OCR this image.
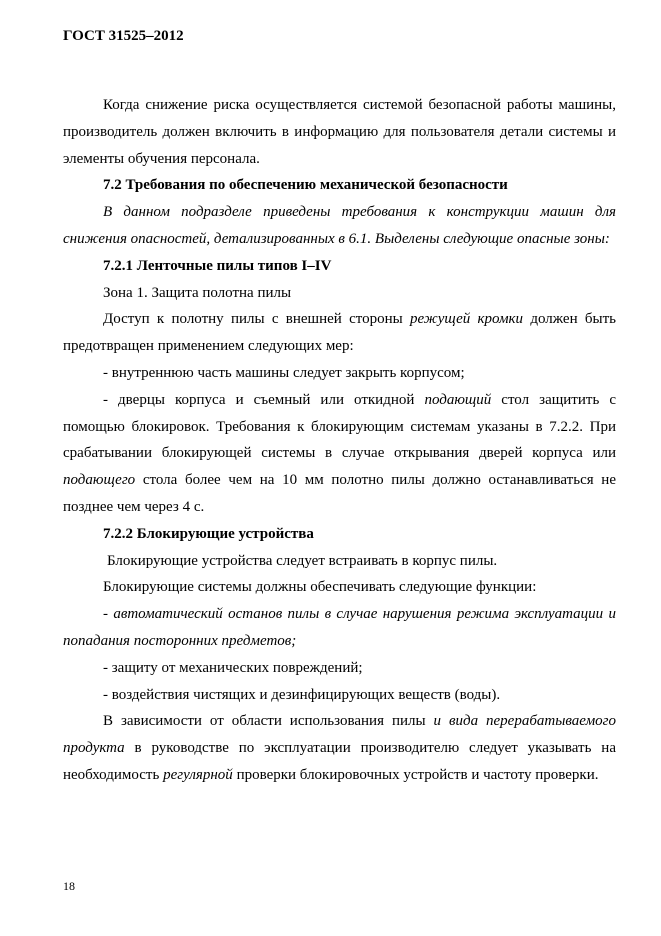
ГОСТ 31525–2012

Когда снижение риска осуществляется системой безопасной работы машины, производитель должен включить в информацию для пользователя детали системы и элементы обучения персонала.

7.2 Требования по обеспечению механической безопасности

В данном подразделе приведены требования к конструкции машин для снижения опасностей, детализированных в 6.1. Выделены следующие опасные зоны:

7.2.1 Ленточные пилы типов I–IV

Зона 1. Защита полотна пилы

Доступ к полотну пилы с внешней стороны режущей кромки должен быть предотвращен применением следующих мер:

- внутреннюю часть машины следует закрыть корпусом;

- дверцы корпуса и съемный или откидной подающий стол защитить с помощью блокировок. Требования к блокирующим системам указаны в 7.2.2. При срабатывании блокирующей системы в случае открывания дверей корпуса или подающего стола более чем на 10 мм полотно пилы должно останавливаться не позднее чем через 4 с.

7.2.2 Блокирующие устройства

Блокирующие устройства следует встраивать в корпус пилы.

Блокирующие системы должны обеспечивать следующие функции:

- автоматический останов пилы в случае нарушения режима эксплуатации и попадания посторонних предметов;

- защиту от механических повреждений;

- воздействия чистящих и дезинфицирующих веществ (воды).

В зависимости от области использования пилы и вида перерабатываемого продукта в руководстве по эксплуатации производителю следует указывать на необходимость регулярной проверки блокировочных устройств и частоту проверки.

18
